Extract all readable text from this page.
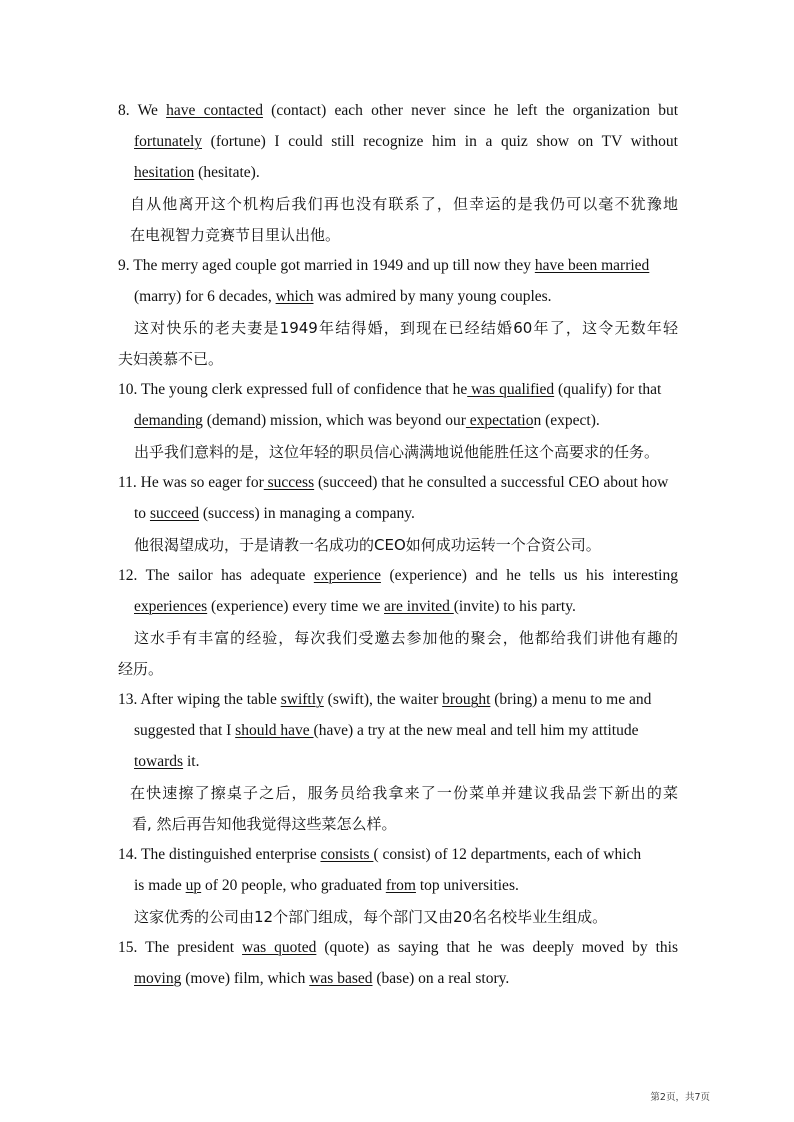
8. We have contacted (contact) each other never since he left the organization but
fortunately (fortune) I could still recognize him in a quiz show on TV without
hesitation (hesitate).
自从他离开这个机构后我们再也没有联系了，但幸运的是我仍可以毫不犹豫地
在电视智力竞赛节目里认出他。
9. The merry aged couple got married in 1949 and up till now they have been married
(marry) for 6 decades, which was admired by many young couples.
这对快乐的老夫妻是1949年结得婚，到现在已经结婚60年了，这令无数年轻
夫妇羡慕不已。
10. The young clerk expressed full of confidence that he was qualified (qualify) for that
demanding (demand) mission, which was beyond our expectation (expect).
出乎我们意料的是，这位年轻的职员信心满满地说他能胜任这个高要求的任务。
11. He was so eager for success (succeed) that he consulted a successful CEO about how
to succeed (success) in managing a company.
他很渴望成功，于是请教一名成功的CEO如何成功运转一个合资公司。
12. The sailor has adequate experience (experience) and he tells us his interesting
experiences (experience) every time we are invited (invite) to his party.
这水手有丰富的经验，每次我们受邀去参加他的聚会，他都给我们讲他有趣的
经历。
13. After wiping the table swiftly (swift), the waiter brought (bring) a menu to me and
suggested that I should have (have) a try at the new meal and tell him my attitude
towards it.
在快速擦了擦桌子之后，服务员给我拿来了一份菜单并建议我品尝下新出的菜
看, 然后再告知他我觉得这些菜怎么样。
14. The distinguished enterprise consists ( consist) of 12 departments, each of which
is made up of 20 people, who graduated from top universities.
这家优秀的公司由12个部门组成，每个部门又由20名名校毕业生组成。
15. The president was quoted (quote) as saying that he was deeply moved by this
moving (move) film, which was based (base) on a real story.
第2页，共7页
